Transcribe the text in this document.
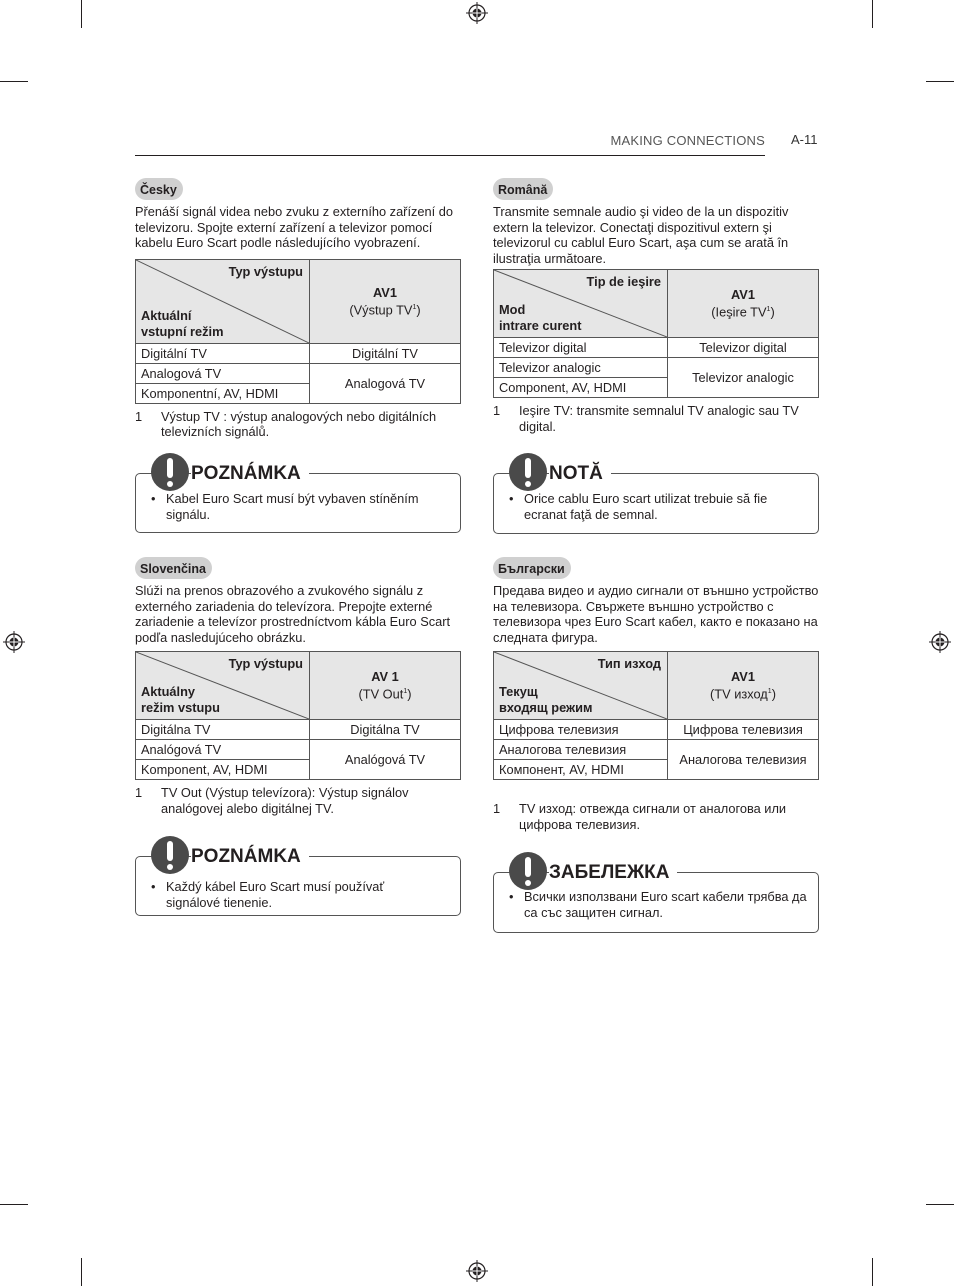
MAKING CONNECTIONS A-11
Česky

Přenáší signál videa nebo zvuku z externího zařízení do televizoru. Spojte externí zařízení a televizor pomocí kabelu Euro Scart podle následujícího vyobrazení.

Typ výstupu
Aktuální
vstupní režim	AV1
(Výstup $TV^1$)
Digitální TV	Digitální TV
Analogová TV	Analogová TV
Komponentní, AV, HDMI	
1	Výstup TV : výstup analogových nebo digitálních televizních signálů.
POZNÁMKA
• Kabel Euro Scart musí být vybaven stíněním signálu.
Română

Transmite semnale audio şi video de la un dispozitiv extern la televizor. Conectaţi dispozitivul extern şi televizorul cu cablul Euro Scart, aşa cum se arată în ilustraţia următoare.

Tip de ieşire
Mod
intrare curent	AV1
(Ieşire $TV^1$)
Televizor digital	Televizor digital
Televizor analogic	Televizor analogic
Component, AV, HDMI	
1	Ieşire TV: transmite semnalul TV analogic sau TV digital.
NOTĂ
• Orice cablu Euro scart utilizat trebuie să fie ecranat faţă de semnal.
Slovenčina

Slúži na prenos obrazového a zvukového signálu z externého zariadenia do televízora. Prepojte externé zariadenie a televízor prostredníctvom kábla Euro Scart podľa nasledujúceho obrázku.

Typ výstupu
Aktuálny
režim vstupu	AV 1
(TV Out$^1$)
Digitálna TV	Digitálna TV
Analógová TV	Analógová TV
Komponent, AV, HDMI	
1	TV Out (Výstup televízora): Výstup signálov analógovej alebo digitálnej TV.
POZNÁMKA
• Každý kábel Euro Scart musí používať signálové tienenie.
Български

Предава видео и аудио сигнали от външно устройство на телевизора. Свържете външно устройство с телевизора чрез Euro Scart кабел, както е показано на следната фигура.

Тип изход
Текущ
входящ режим	AV1
(TV изход$^1$)
Цифрова телевизия	Цифрова телевизия
Аналогова телевизия	Аналогова телевизия
Компонент, AV, HDMI	
1	TV изход: отвежда сигнали от аналогова или цифрова телевизия.
ЗАБЕЛЕЖКА
• Всички използвани Euro scart кабели трябва да са със защитен сигнал.
